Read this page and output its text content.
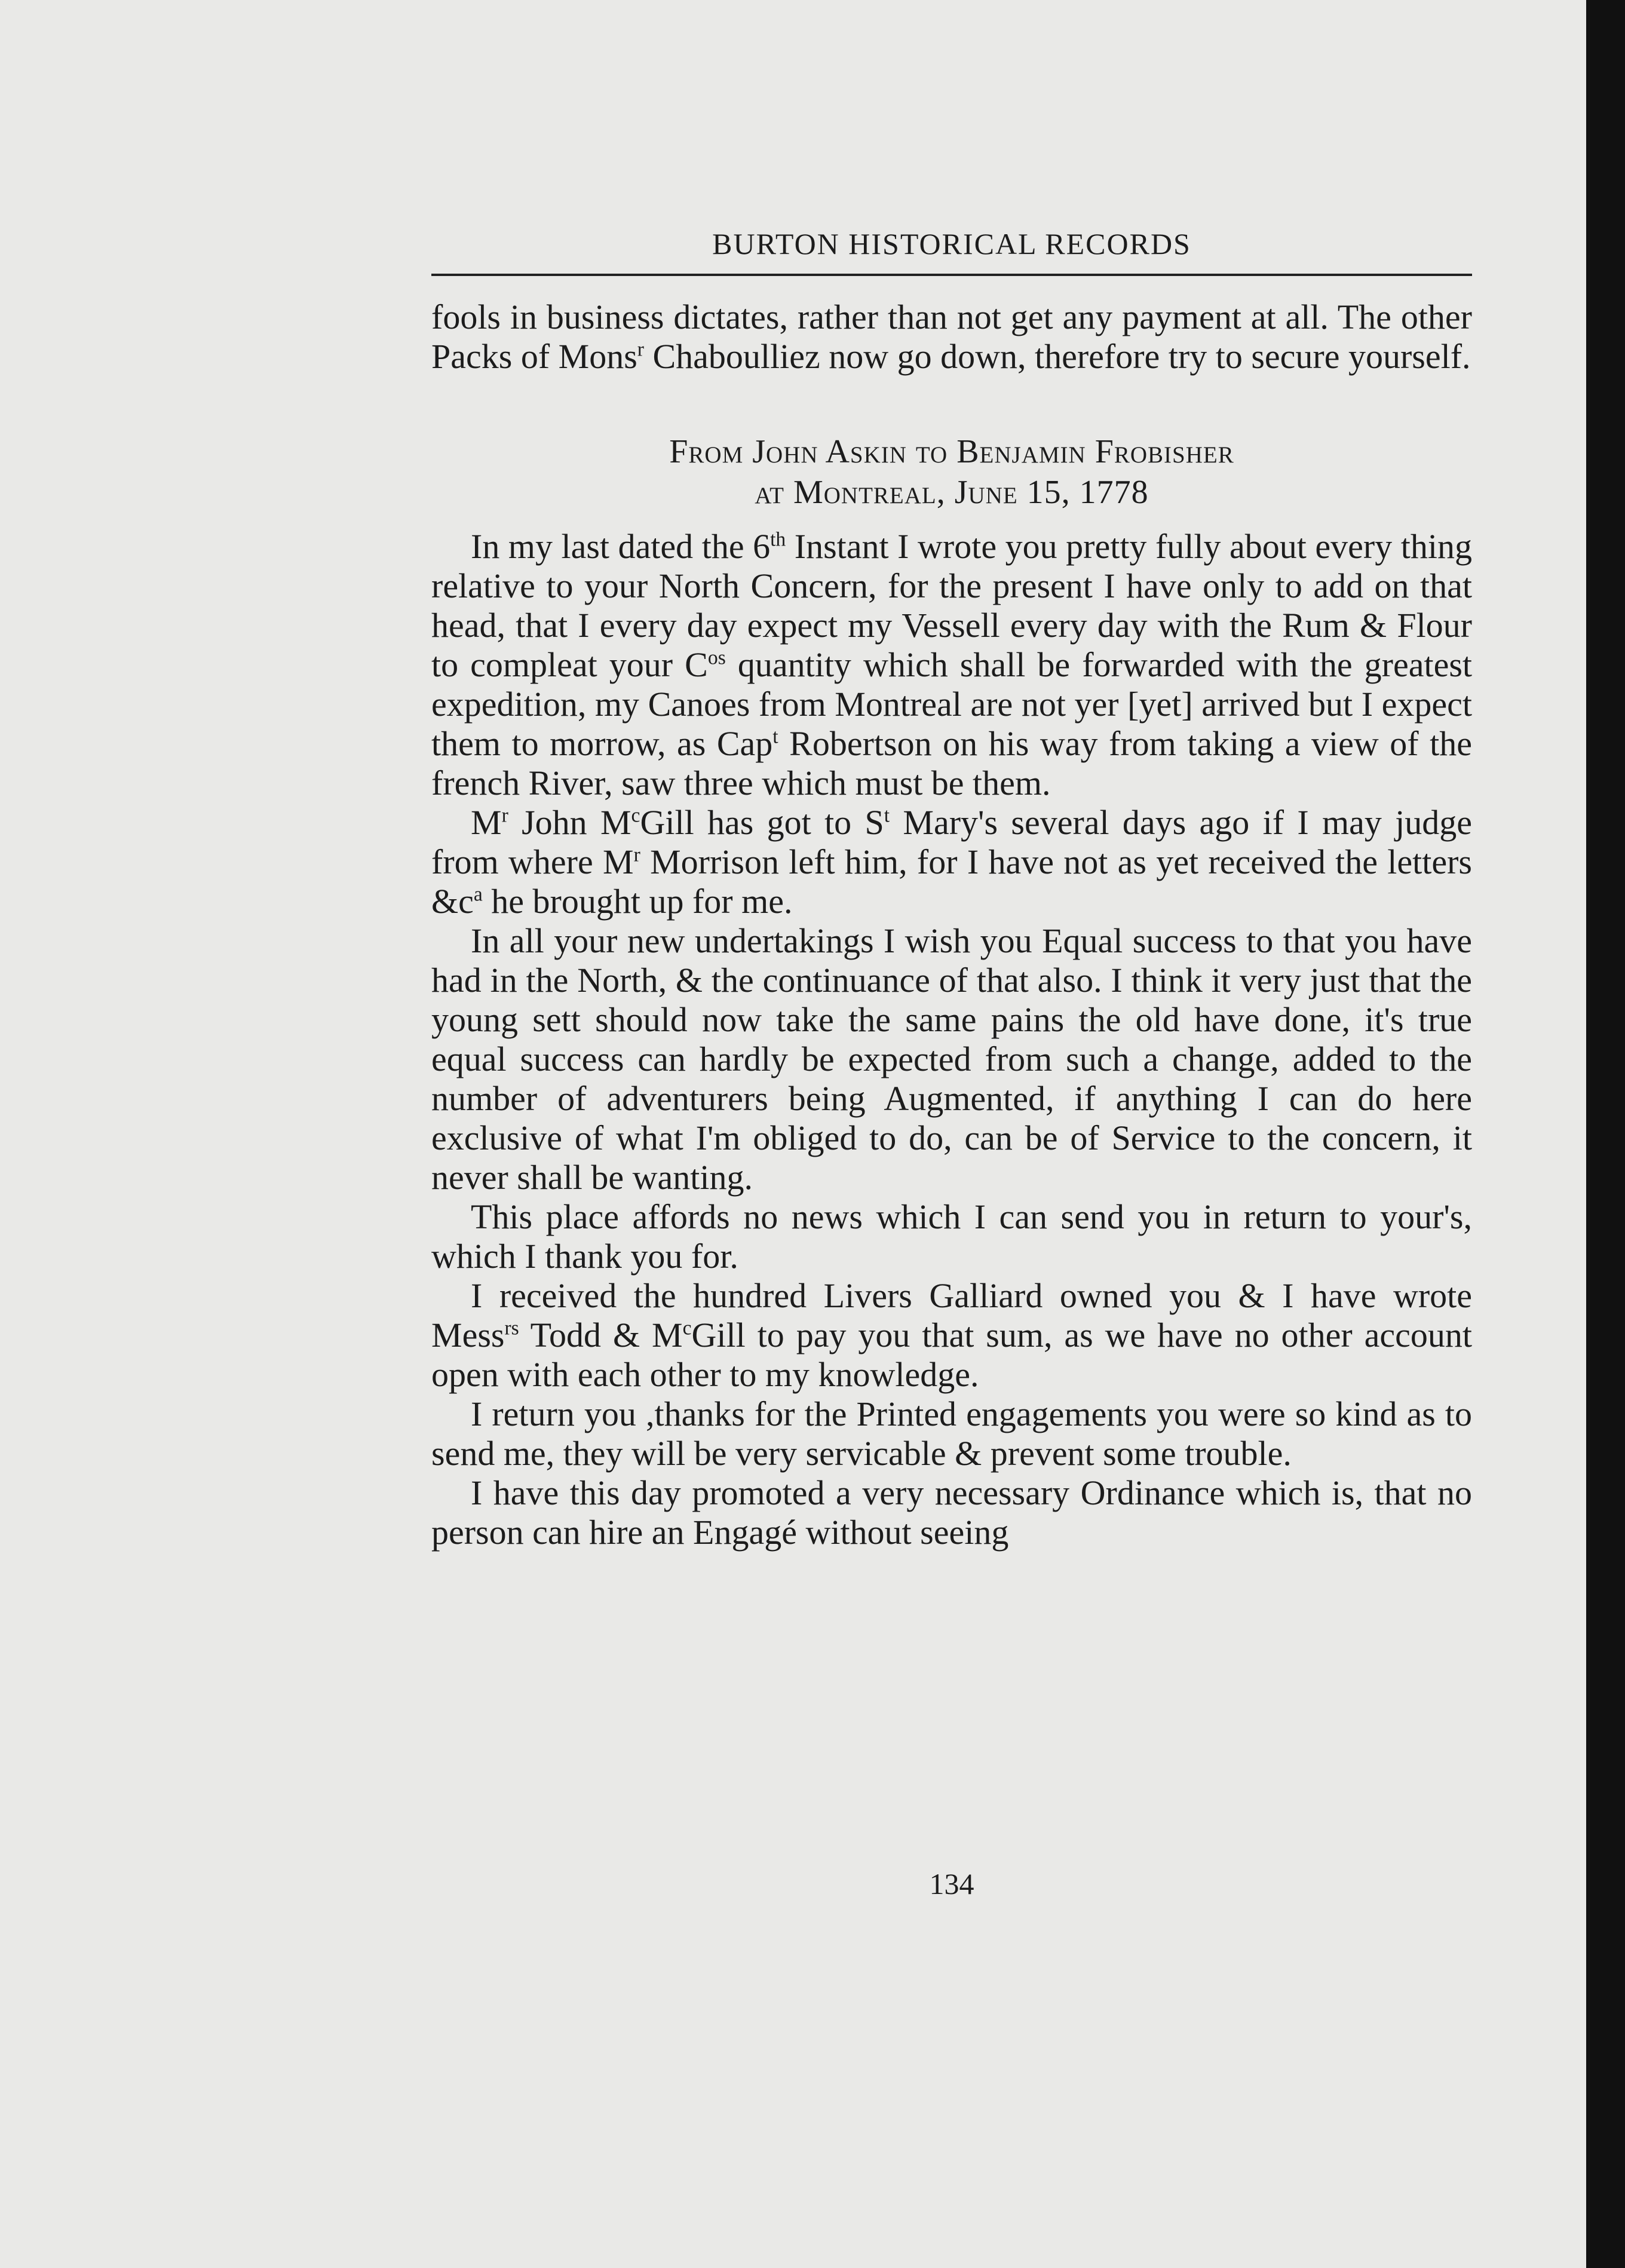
BURTON HISTORICAL RECORDS

fools in business dictates, rather than not get any payment at all. The other Packs of Mons$^r$ Chaboulliez now go down, therefore try to secure yourself.

From John Askin to Benjamin Frobisher
at Montreal, June 15, 1778

In my last dated the 6th Instant I wrote you pretty fully about every thing relative to your North Concern, for the present I have only to add on that head, that I every day expect my Vessell every day with the Rum & Flour to compleat your $C^{os}$ quantity which shall be forwarded with the greatest expedition, my Canoes from Montreal are not yer [yet] arrived but I expect them to morrow, as Cap$^t$ Robertson on his way from taking a view of the french River, saw three which must be them.

$M^r$ John $M^cGill$ has got to $S^t$ Mary's several days ago if I may judge from where $M^r$ Morrison left him, for I have not as yet received the letters $\&c^a$ he brought up for me.

In all your new undertakings I wish you Equal success to that you have had in the North, & the continuance of that also. I think it very just that the young sett should now take the same pains the old have done, it's true equal success can hardly be expected from such a change, added to the number of adventurers being Augmented, if anything I can do here exclusive of what I'm obliged to do, can be of Service to the concern, it never shall be wanting.

This place affords no news which I can send you in return to your's, which I thank you for.

I received the hundred Livers Galliard owned you & I have wrote Mess$^{rs}$ Todd & $M^cGill$ to pay you that sum, as we have no other account open with each other to my knowledge.

I return you ,thanks for the Printed engagements you were so kind as to send me, they will be very servicable & prevent some trouble.

I have this day promoted a very necessary Ordinance which is, that no person can hire an Engagé without seeing

134
